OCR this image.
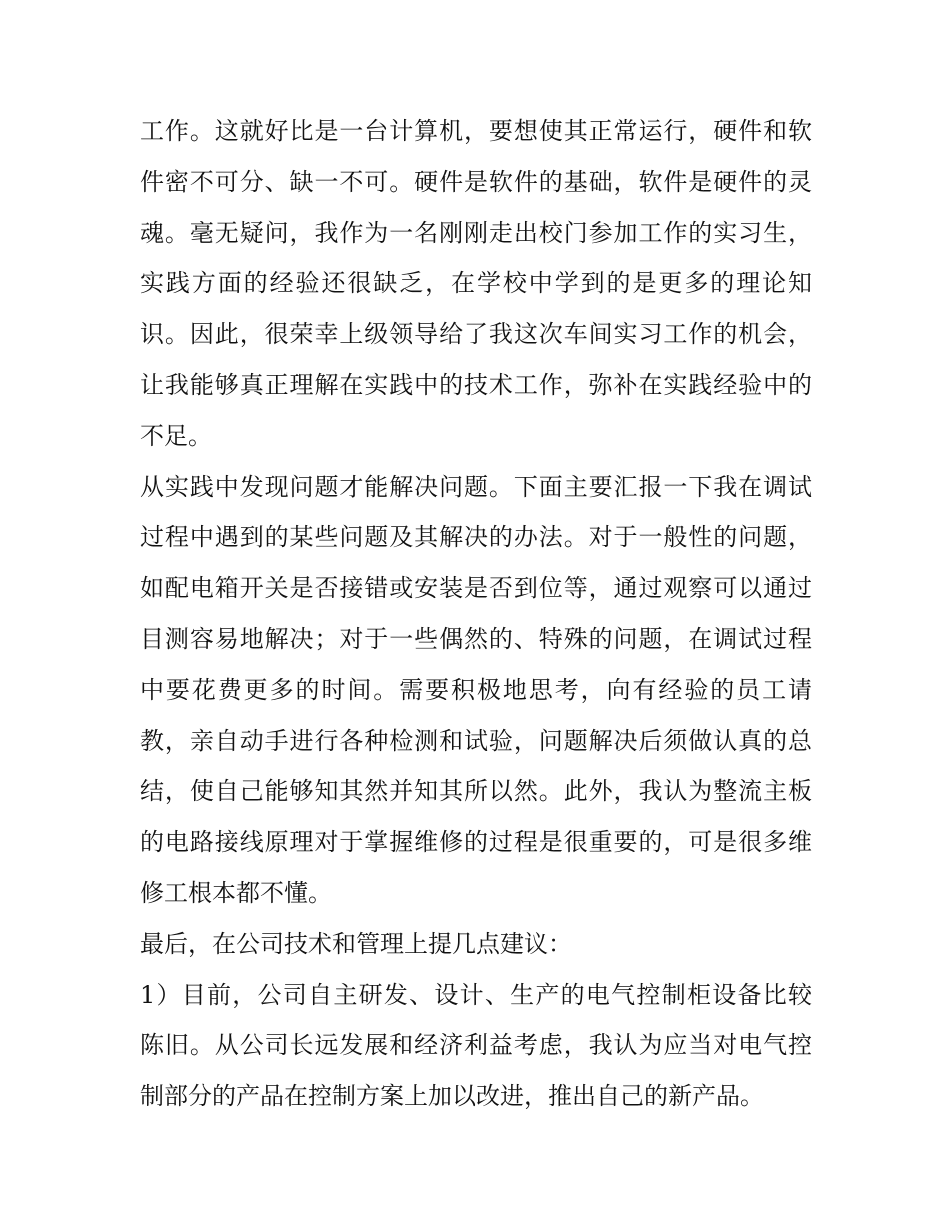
工作。这就好比是一台计算机，要想使其正常运行，硬件和软
件密不可分、缺一不可。硬件是软件的基础，软件是硬件的灵
魂。毫无疑问，我作为一名刚刚走出校门参加工作的实习生，
实践方面的经验还很缺乏，在学校中学到的是更多的理论知
识。因此，很荣幸上级领导给了我这次车间实习工作的机会，
让我能够真正理解在实践中的技术工作，弥补在实践经验中的
不足。
从实践中发现问题才能解决问题。下面主要汇报一下我在调试
过程中遇到的某些问题及其解决的办法。对于一般性的问题，
如配电箱开关是否接错或安装是否到位等，通过观察可以通过
目测容易地解决；对于一些偶然的、特殊的问题，在调试过程
中要花费更多的时间。需要积极地思考，向有经验的员工请
教，亲自动手进行各种检测和试验，问题解决后须做认真的总
结，使自己能够知其然并知其所以然。此外，我认为整流主板
的电路接线原理对于掌握维修的过程是很重要的，可是很多维
修工根本都不懂。
最后，在公司技术和管理上提几点建议：
1）目前，公司自主研发、设计、生产的电气控制柜设备比较
陈旧。从公司长远发展和经济利益考虑，我认为应当对电气控
制部分的产品在控制方案上加以改进，推出自己的新产品。
